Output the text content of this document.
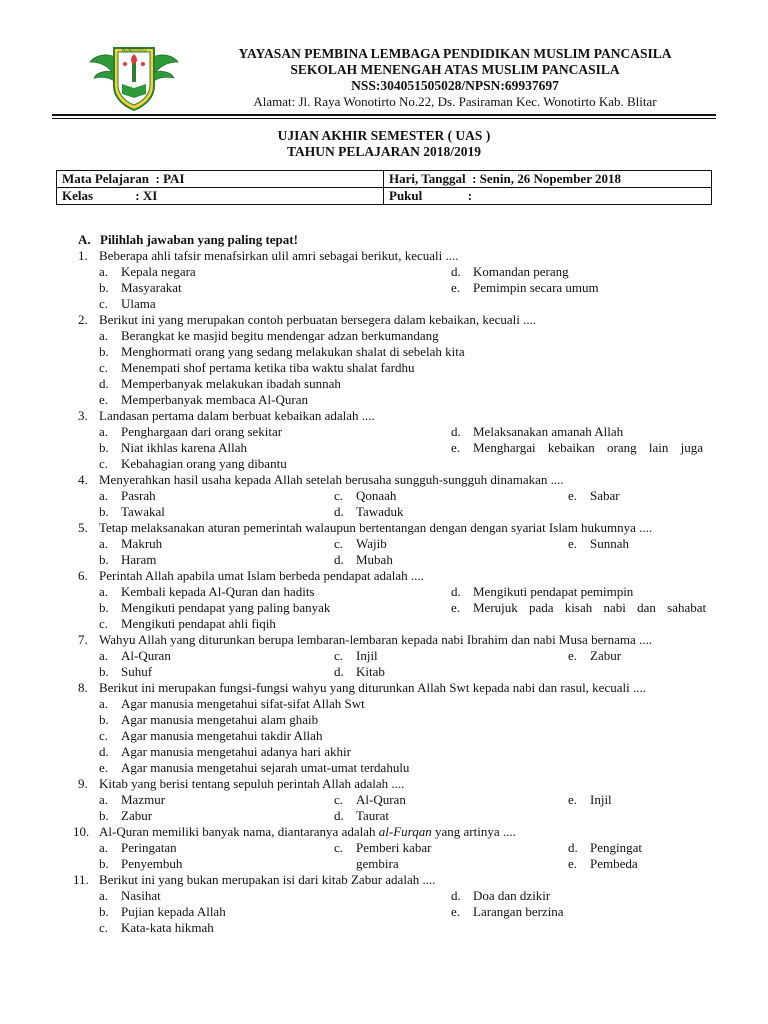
WONOTIRTO	YAYASAN PEMBINA LEMBAGA PENDIDIKAN MUSLIM PANCASILA
SEKOLAH MENENGAH ATAS MUSLIM PANCASILA
NSS:304051505028/NPSN:69937697
Alamat: Jl. Raya Wonotirto No.22, Ds. Pasiraman Kec. Wonotirto Kab. Blitar
UJIAN AKHIR SEMESTER ( UAS )
TAHUN PELAJARAN 2018/2019
Mata Pelajaran  : PAI	Hari, Tanggal  : Senin, 26 Nopember 2018
Kelas             : XI	Pukul              :
A. Pilihlah jawaban yang paling tepat!
1. Beberapa ahli tafsir menafsirkan ulil amri sebagai berikut, kecuali ....
a. Kepala negara	d. Komandan perang
b. Masyarakat	e. Pemimpin secara umum
c. Ulama
2. Berikut ini yang merupakan contoh perbuatan bersegera dalam kebaikan, kecuali ....
a. Berangkat ke masjid begitu mendengar adzan berkumandang
b. Menghormati orang yang sedang melakukan shalat di sebelah kita
c. Menempati shof pertama ketika tiba waktu shalat fardhu
d. Memperbanyak melakukan ibadah sunnah
e. Memperbanyak membaca Al-Quran
3. Landasan pertama dalam berbuat kebaikan adalah ....
a. Penghargaan dari orang sekitar	d. Melaksanakan amanah Allah
b. Niat ikhlas karena Allah	e. Menghargai kebaikan orang lain juga
c. Kebahagian orang yang dibantu
4. Menyerahkan hasil usaha kepada Allah setelah berusaha sungguh-sungguh dinamakan ....
a. Pasrah	c. Qonaah	e. Sabar
b. Tawakal	d. Tawaduk
5. Tetap melaksanakan aturan pemerintah walaupun bertentangan dengan dengan syariat Islam hukumnya ....
a. Makruh	c. Wajib	e. Sunnah
b. Haram	d. Mubah
6. Perintah Allah apabila umat Islam berbeda pendapat adalah ....
a. Kembali kepada Al-Quran dan hadits	d. Mengikuti pendapat pemimpin
b. Mengikuti pendapat yang paling banyak	e. Merujuk pada kisah nabi dan sahabat
c. Mengikuti pendapat ahli fiqih
7. Wahyu Allah yang diturunkan berupa lembaran-lembaran kepada nabi Ibrahim dan nabi Musa bernama ....
a. Al-Quran	c. Injil	e. Zabur
b. Suhuf	d. Kitab
8. Berikut ini merupakan fungsi-fungsi wahyu yang diturunkan Allah Swt kepada nabi dan rasul, kecuali ....
a. Agar manusia mengetahui sifat-sifat Allah Swt
b. Agar manusia mengetahui alam ghaib
c. Agar manusia mengetahui takdir Allah
d. Agar manusia mengetahui adanya hari akhir
e. Agar manusia mengetahui sejarah umat-umat terdahulu
9. Kitab yang berisi tentang sepuluh perintah Allah adalah ....
a. Mazmur	c. Al-Quran	e. Injil
b. Zabur	d. Taurat
10. Al-Quran memiliki banyak nama, diantaranya adalah al-Furqan yang artinya ....
a. Peringatan	c. Pemberi kabar	d. Pengingat
b. Penyembuh	gembira	e. Pembeda
11. Berikut ini yang bukan merupakan isi dari kitab Zabur adalah ....
a. Nasihat	d. Doa dan dzikir
b. Pujian kepada Allah	e. Larangan berzina
c. Kata-kata hikmah
